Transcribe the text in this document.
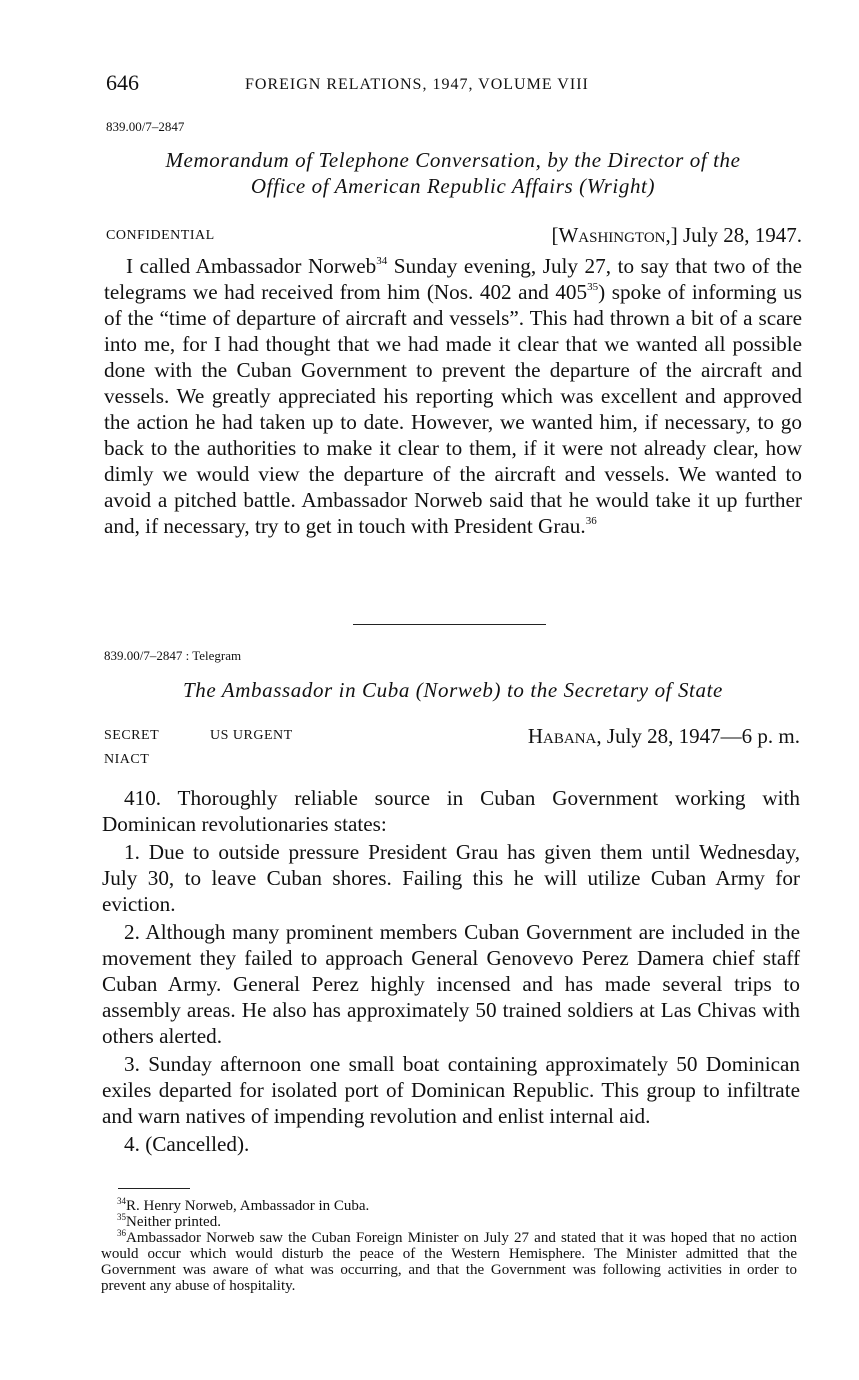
646	FOREIGN RELATIONS, 1947, VOLUME VIII
839.00/7–2847
Memorandum of Telephone Conversation, by the Director of the
Office of American Republic Affairs (Wright)
CONFIDENTIAL	[Washington,] July 28, 1947.

I called Ambassador Norweb$^{34}$ Sunday evening, July 27, to say that two of the telegrams we had received from him (Nos. 402 and $405^{35}$) spoke of informing us of the “time of departure of aircraft and vessels”. This had thrown a bit of a scare into me, for I had thought that we had made it clear that we wanted all possible done with the Cuban Government to prevent the departure of the aircraft and vessels. We greatly appreciated his reporting which was excellent and approved the action he had taken up to date. However, we wanted him, if necessary, to go back to the authorities to make it clear to them, if it were not already clear, how dimly we would view the departure of the aircraft and vessels. We wanted to avoid a pitched battle. Ambassador Norweb said that he would take it up further and, if necessary, try to get in touch with President Grau.$^{36}$

839.00/7–2847 : Telegram
The Ambassador in Cuba (Norweb) to the Secretary of State
SECRET	US URGENT
NIACT
Habana, July 28, 1947—6 p. m.

410. Thoroughly reliable source in Cuban Government working with Dominican revolutionaries states:

1. Due to outside pressure President Grau has given them until Wednesday, July 30, to leave Cuban shores. Failing this he will utilize Cuban Army for eviction.

2. Although many prominent members Cuban Government are included in the movement they failed to approach General Genovevo Perez Damera chief staff Cuban Army. General Perez highly incensed and has made several trips to assembly areas. He also has approximately 50 trained soldiers at Las Chivas with others alerted.

3. Sunday afternoon one small boat containing approximately 50 Dominican exiles departed for isolated port of Dominican Republic. This group to infiltrate and warn natives of impending revolution and enlist internal aid.

4. (Cancelled).

$^{34}$R. Henry Norweb, Ambassador in Cuba.

$^{35}$Neither printed.

$^{36}$Ambassador Norweb saw the Cuban Foreign Minister on July 27 and stated that it was hoped that no action would occur which would disturb the peace of the Western Hemisphere. The Minister admitted that the Government was aware of what was occurring, and that the Government was following activities in order to prevent any abuse of hospitality.
